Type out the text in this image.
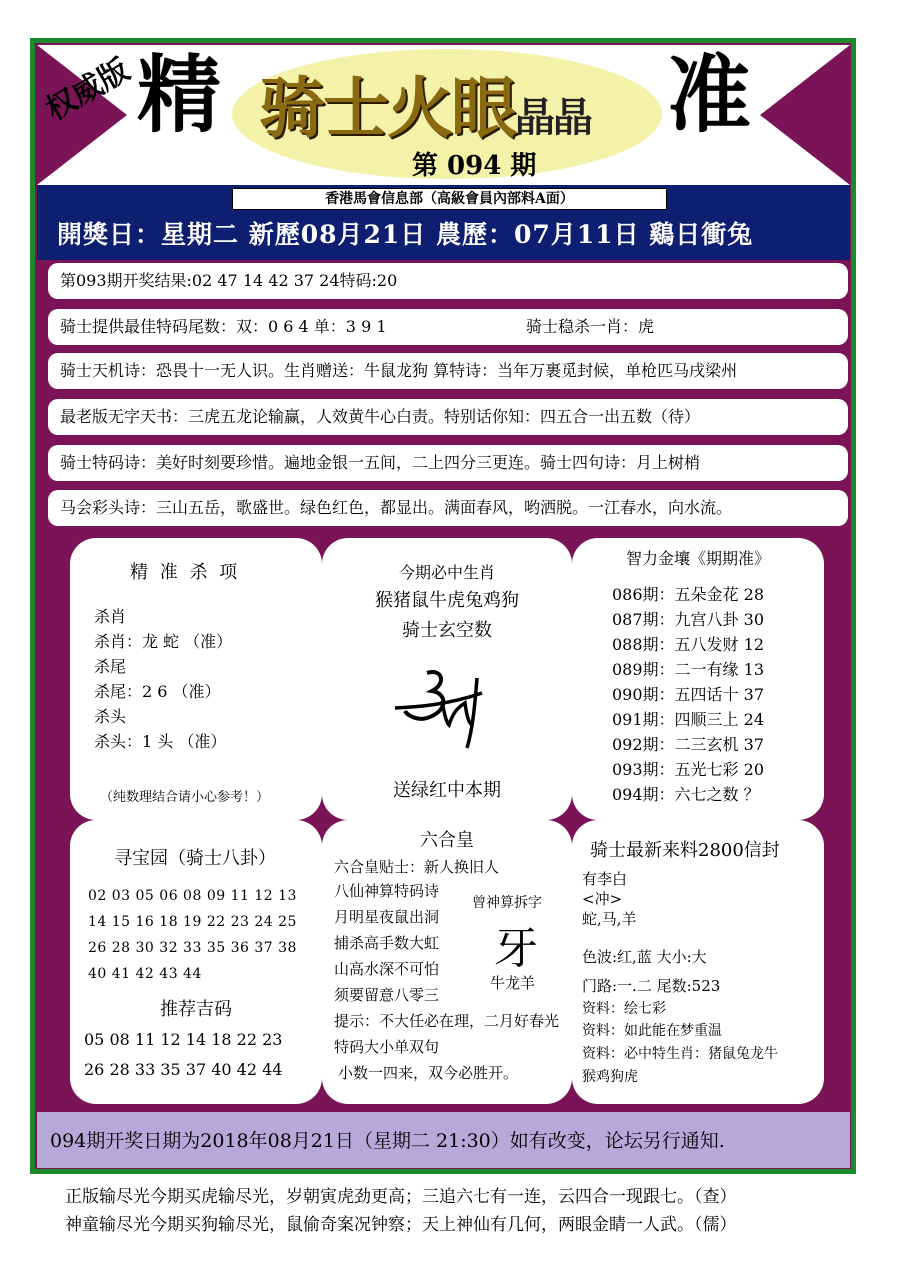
权威版 精	准
骑士火眼晶晶
第 094 期
香港馬會信息部（高級會員內部料A面）
開獎日：星期二 新歷08月21日 農歷：07月11日 鷄日衝兔
第093期开奖结果:02 47 14 42 37 24特码:20
骑士提供最佳特码尾数：双：0 6 4 单：3 9 1	骑士稳杀一肖：虎
骑士天机诗：恐畏十一无人识。生肖赠送：牛鼠龙狗 算特诗：当年万裹觅封候，单枪匹马戌梁州
最老版无字天书：三虎五龙论输赢，人效黄牛心白责。特别话你知：四五合一出五数（待）
骑士特码诗：美好时刻要珍惜。遍地金银一五间，二上四分三更连。骑士四句诗：月上树梢
马会彩头诗：三山五岳，歌盛世。绿色红色，都显出。满面春风，哟洒脱。一江春水，向水流。
精 准 杀 项
杀肖
杀肖：龙 蛇 （准）
杀尾
杀尾：2 6 （准）
杀头
杀头：1 头 （准）
（纯数理结合请小心参考！）
今期必中生肖
猴猪鼠牛虎兔鸡狗
骑士玄空数
送绿红中本期
智力金壤《期期准》
086期：五朵金花 28
087期：九宫八卦 30
088期：五八发财 12
089期：二一有缘 13
090期：五四话十 37
091期：四顺三上 24
092期：二三玄机 37
093期：五光七彩 20
094期：六七之数 ？
寻宝园（骑士八卦）
02 03 05 06 08 09 11 12 13
14 15 16 18 19 22 23 24 25
26 28 30 32 33 35 36 37 38
40 41 42 43 44
推荐吉码
05 08 11 12 14 18 22 23
26 28 33 35 37 40 42 44
六合皇
六合皇贴士：新人换旧人
八仙神算特码诗
月明星夜鼠出洞
捕杀高手数大虹
山高水深不可怕
须要留意八零三
曾神算拆字
牙
牛龙羊
提示：不大任必在理，二月好春光
特码大小单双句
小数一四来，双今必胜开。
骑士最新来料2800信封
有李白
<冲>
蛇,马,羊
色波:红,蓝 大小:大
门路:一.二 尾数:523
资料：绘七彩
资料：如此能在梦重温
资料：必中特生肖：猪鼠兔龙牛
猴鸡狗虎
094期开奖日期为2018年08月21日（星期二 21:30）如有改变，论坛另行通知.
正版输尽光今期买虎输尽光，岁朝寅虎劲更高；三追六七有一连，云四合一现跟七。（查）
神童输尽光今期买狗输尽光，鼠偷奇案况钟察；天上神仙有几何，两眼金睛一人武。（儒）
